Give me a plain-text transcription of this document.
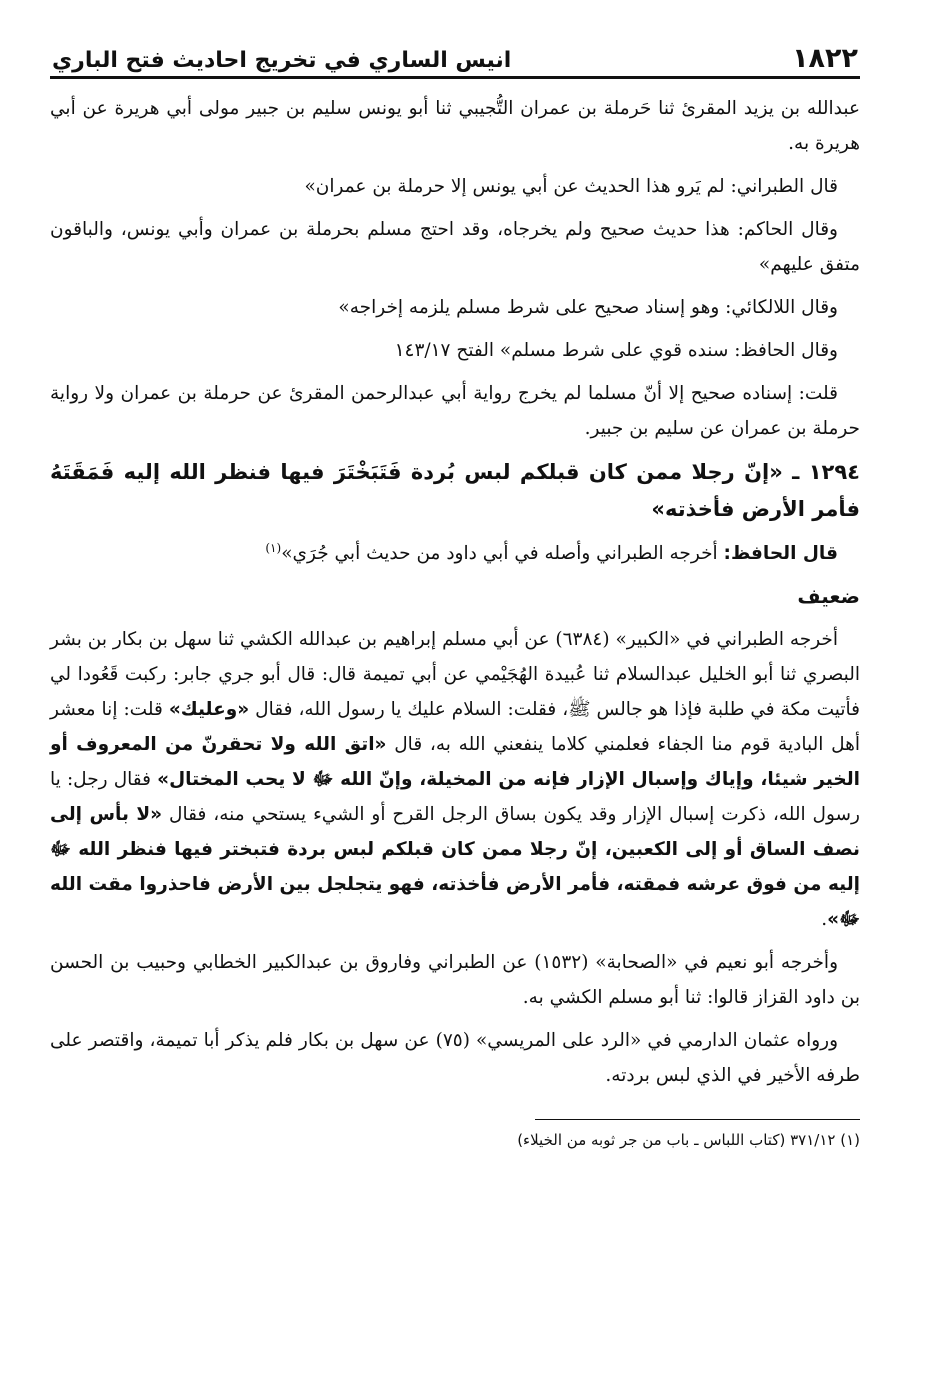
١٨٢٢
انيس الساري في تخريج احاديث فتح الباري

عبدالله بن يزيد المقرئ ثنا حَرملة بن عمران التُّجيبي ثنا أبو يونس سليم بن جبير مولى أبي هريرة عن أبي هريرة به.

قال الطبراني: لم يَرو هذا الحديث عن أبي يونس إلا حرملة بن عمران»

وقال الحاكم: هذا حديث صحيح ولم يخرجاه، وقد احتج مسلم بحرملة بن عمران وأبي يونس، والباقون متفق عليهم»

وقال اللالكائي: وهو إسناد صحيح على شرط مسلم يلزمه إخراجه»

وقال الحافظ: سنده قوي على شرط مسلم» الفتح ١٤٣/١٧

قلت: إسناده صحيح إلا أنّ مسلما لم يخرج رواية أبي عبدالرحمن المقرئ عن حرملة بن عمران ولا رواية حرملة بن عمران عن سليم بن جبير.

١٢٩٤ ـ «إنّ رجلا ممن كان قبلكم لبس بُردة فَتَبَخْتَرَ فيها فنظر الله إليه فَمَقَتَهُ فأمر الأرض فأخذته»

قال الحافظ: أخرجه الطبراني وأصله في أبي داود من حديث أبي جُرَي»$^{(١)}$

ضعيف

أخرجه الطبراني في «الكبير» (٦٣٨٤) عن أبي مسلم إبراهيم بن عبدالله الكشي ثنا سهل بن بكار بن بشر البصري ثنا أبو الخليل عبدالسلام ثنا عُبيدة الهُجَيْمي عن أبي تميمة قال: قال أبو جري جابر: ركبت قَعُودا لي فأتيت مكة في طلبة فإذا هو جالس ﷺ، فقلت: السلام عليك يا رسول الله، فقال «وعليك» قلت: إنا معشر أهل البادية قوم منا الجفاء فعلمني كلاما ينفعني الله به، قال «اتق الله ولا تحقرنّ من المعروف أو الخير شيئا، وإياك وإسبال الإزار فإنه من المخيلة، وإنّ الله ﷻ لا يحب المختال» فقال رجل: يا رسول الله، ذكرت إسبال الإزار وقد يكون بساق الرجل القرح أو الشيء يستحي منه، فقال «لا بأس إلى نصف الساق أو إلى الكعبين، إنّ رجلا ممن كان قبلكم لبس بردة فتبختر فيها فنظر الله ﷻ إليه من فوق عرشه فمقته، فأمر الأرض فأخذته، فهو يتجلجل بين الأرض فاحذروا مقت الله ﷻ».

وأخرجه أبو نعيم في «الصحابة» (١٥٣٢) عن الطبراني وفاروق بن عبدالكبير الخطابي وحبيب بن الحسن بن داود القزاز قالوا: ثنا أبو مسلم الكشي به.

ورواه عثمان الدارمي في «الرد على المريسي» (٧٥) عن سهل بن بكار فلم يذكر أبا تميمة، واقتصر على طرفه الأخير في الذي لبس بردته.

(١) ٣٧١/١٢ (كتاب اللباس ـ باب من جر ثوبه من الخيلاء)
